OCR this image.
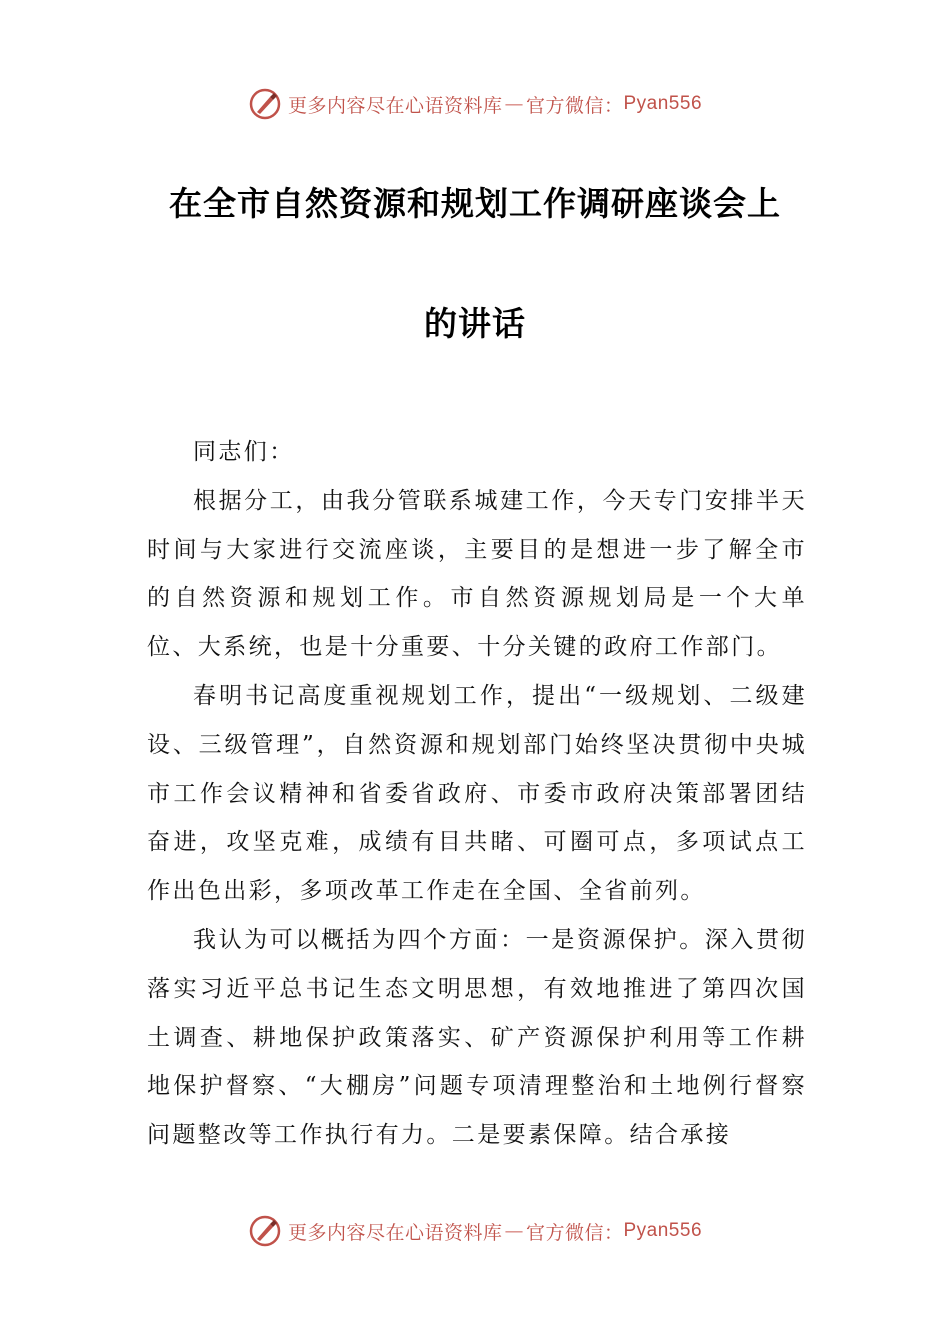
更多内容尽在心语资料库 — 官方微信： Pyan556
在全市自然资源和规划工作调研座谈会上
的讲话

同志们：

根据分工，由我分管联系城建工作，今天专门安排半天时间与大家进行交流座谈，主要目的是想进一步了解全市的自然资源和规划工作。市自然资源规划局是一个大单位、大系统，也是十分重要、十分关键的政府工作部门。

春明书记高度重视规划工作，提出“一级规划、二级建设、三级管理”，自然资源和规划部门始终坚决贯彻中央城市工作会议精神和省委省政府、市委市政府决策部署团结奋进，攻坚克难，成绩有目共睹、可圈可点，多项试点工作出色出彩，多项改革工作走在全国、全省前列。

我认为可以概括为四个方面：一是资源保护。深入贯彻落实习近平总书记生态文明思想，有效地推进了第四次国土调查、耕地保护政策落实、矿产资源保护利用等工作耕地保护督察、“大棚房”问题专项清理整治和土地例行督察问题整改等工作执行有力。二是要素保障。结合承接

更多内容尽在心语资料库 — 官方微信： Pyan556
